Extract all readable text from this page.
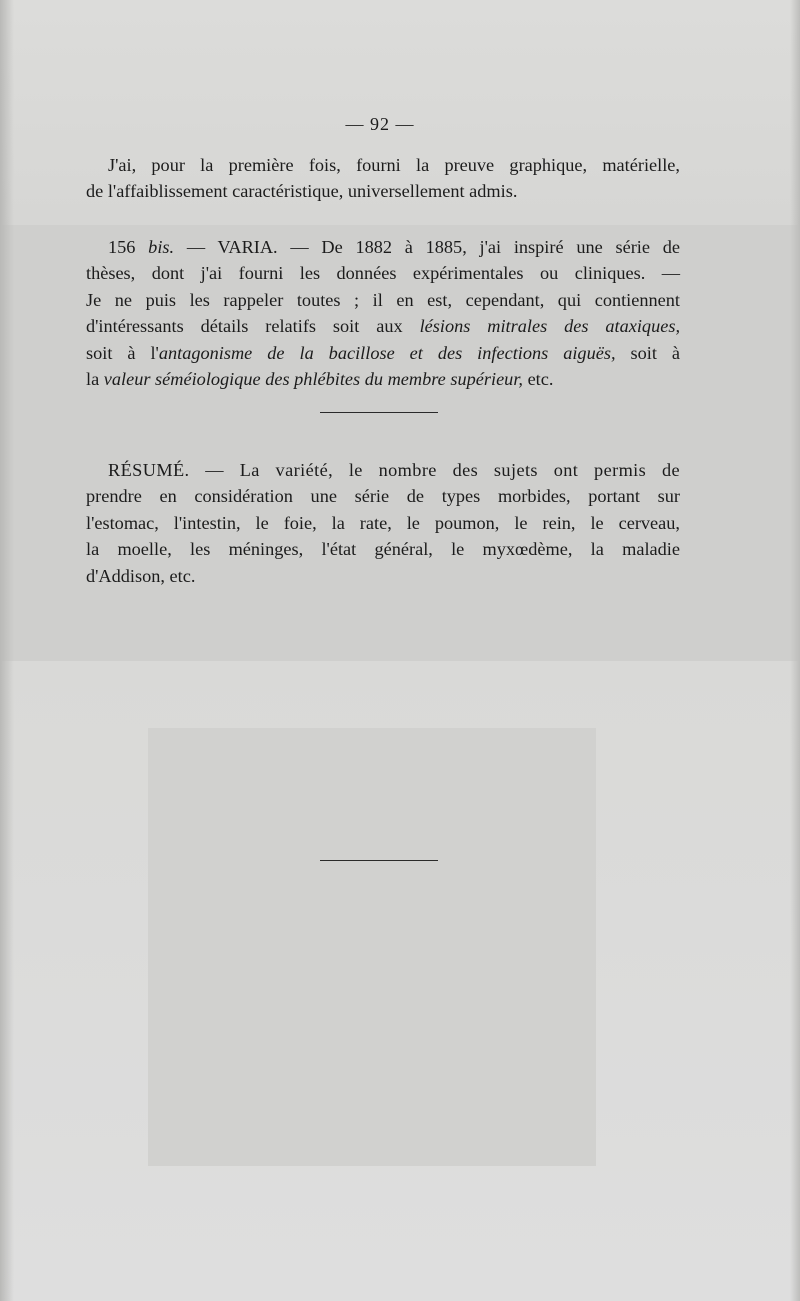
— 92 —
J'ai, pour la première fois, fourni la preuve graphique, matérielle,
de l'affaiblissement caractéristique, universellement admis.
156 bis. — VARIA. — De 1882 à 1885, j'ai inspiré une série de
thèses, dont j'ai fourni les données expérimentales ou cliniques. —
Je ne puis les rappeler toutes ; il en est, cependant, qui contiennent
d'intéressants détails relatifs soit aux lésions mitrales des ataxiques,
soit à l'antagonisme de la bacillose et des infections aiguës, soit à
la valeur séméiologique des phlébites du membre supérieur, etc.
RÉSUMÉ. — La variété, le nombre des sujets ont permis de
prendre en considération une série de types morbides, portant sur
l'estomac, l'intestin, le foie, la rate, le poumon, le rein, le cerveau,
la moelle, les méninges, l'état général, le myxœdème, la maladie
d'Addison, etc.
